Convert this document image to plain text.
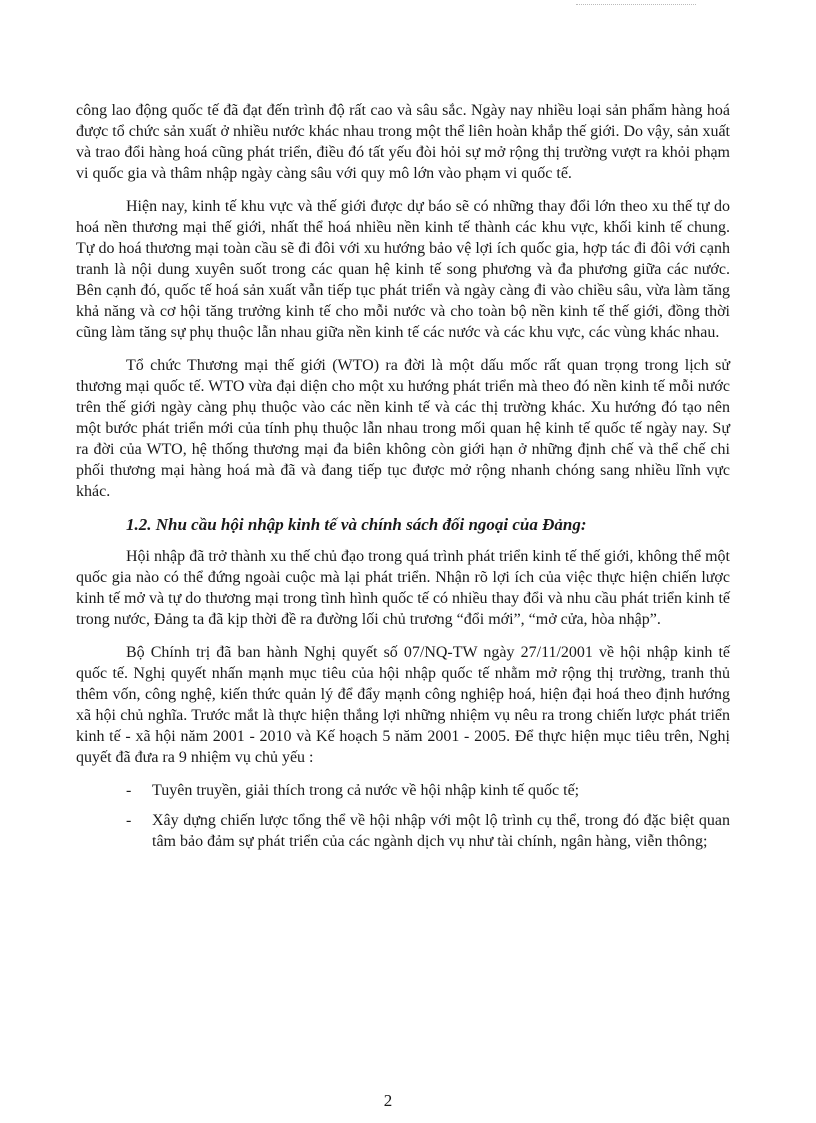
công lao động quốc tế đã đạt đến trình độ rất cao và sâu sắc. Ngày nay nhiều loại sản phẩm hàng hoá được tổ chức sản xuất ở nhiều nước khác nhau trong một thể liên hoàn khắp thế giới. Do vậy, sản xuất và trao đổi hàng hoá cũng phát triển, điều đó tất yếu đòi hỏi sự mở rộng thị trường vượt ra khỏi phạm vi quốc gia và thâm nhập ngày càng sâu với quy mô lớn vào phạm vi quốc tế.

Hiện nay, kinh tế khu vực và thế giới được dự báo sẽ có những thay đổi lớn theo xu thế tự do hoá nền thương mại thế giới, nhất thể hoá nhiều nền kinh tế thành các khu vực, khối kinh tế chung. Tự do hoá thương mại toàn cầu sẽ đi đôi với xu hướng bảo vệ lợi ích quốc gia, hợp tác đi đôi với cạnh tranh là nội dung xuyên suốt trong các quan hệ kinh tế song phương và đa phương giữa các nước. Bên cạnh đó, quốc tế hoá sản xuất vẫn tiếp tục phát triển và ngày càng đi vào chiều sâu, vừa làm tăng khả năng và cơ hội tăng trưởng kinh tế cho mỗi nước và cho toàn bộ nền kinh tế thế giới, đồng thời cũng làm tăng sự phụ thuộc lẫn nhau giữa nền kinh tế các nước và các khu vực, các vùng khác nhau.

Tổ chức Thương mại thế giới (WTO) ra đời là một dấu mốc rất quan trọng trong lịch sử thương mại quốc tế. WTO vừa đại diện cho một xu hướng phát triển mà theo đó nền kinh tế mỗi nước trên thế giới ngày càng phụ thuộc vào các nền kinh tế và các thị trường khác. Xu hướng đó tạo nên một bước phát triển mới của tính phụ thuộc lẫn nhau trong mối quan hệ kinh tế quốc tế ngày nay. Sự ra đời của WTO, hệ thống thương mại đa biên không còn giới hạn ở những định chế và thể chế chi phối thương mại hàng hoá mà đã và đang tiếp tục được mở rộng nhanh chóng sang nhiều lĩnh vực khác.

1.2. Nhu cầu hội nhập kinh tế và chính sách đối ngoại của Đảng:

Hội nhập đã trở thành xu thế chủ đạo trong quá trình phát triển kinh tế thế giới, không thể một quốc gia nào có thể đứng ngoài cuộc mà lại phát triển. Nhận rõ lợi ích của việc thực hiện chiến lược kinh tế mở và tự do thương mại trong tình hình quốc tế có nhiều thay đổi và nhu cầu phát triển kinh tế trong nước, Đảng ta đã kịp thời đề ra đường lối chủ trương “đổi mới”, “mở cửa, hòa nhập”.

Bộ Chính trị đã ban hành Nghị quyết số 07/NQ-TW ngày 27/11/2001 về hội nhập kinh tế quốc tế. Nghị quyết nhấn mạnh mục tiêu của hội nhập quốc tế nhằm mở rộng thị trường, tranh thủ thêm vốn, công nghệ, kiến thức quản lý để đẩy mạnh công nghiệp hoá, hiện đại hoá theo định hướng xã hội chủ nghĩa. Trước mắt là thực hiện thắng lợi những nhiệm vụ nêu ra trong chiến lược phát triển kinh tế - xã hội năm 2001 - 2010 và Kế hoạch 5 năm 2001 - 2005. Để thực hiện mục tiêu trên, Nghị quyết đã đưa ra 9 nhiệm vụ chủ yếu :

- Tuyên truyền, giải thích trong cả nước về hội nhập kinh tế quốc tế;
- Xây dựng chiến lược tổng thể về hội nhập với một lộ trình cụ thể, trong đó đặc biệt quan tâm bảo đảm sự phát triển của các ngành dịch vụ như tài chính, ngân hàng, viễn thông;
2
